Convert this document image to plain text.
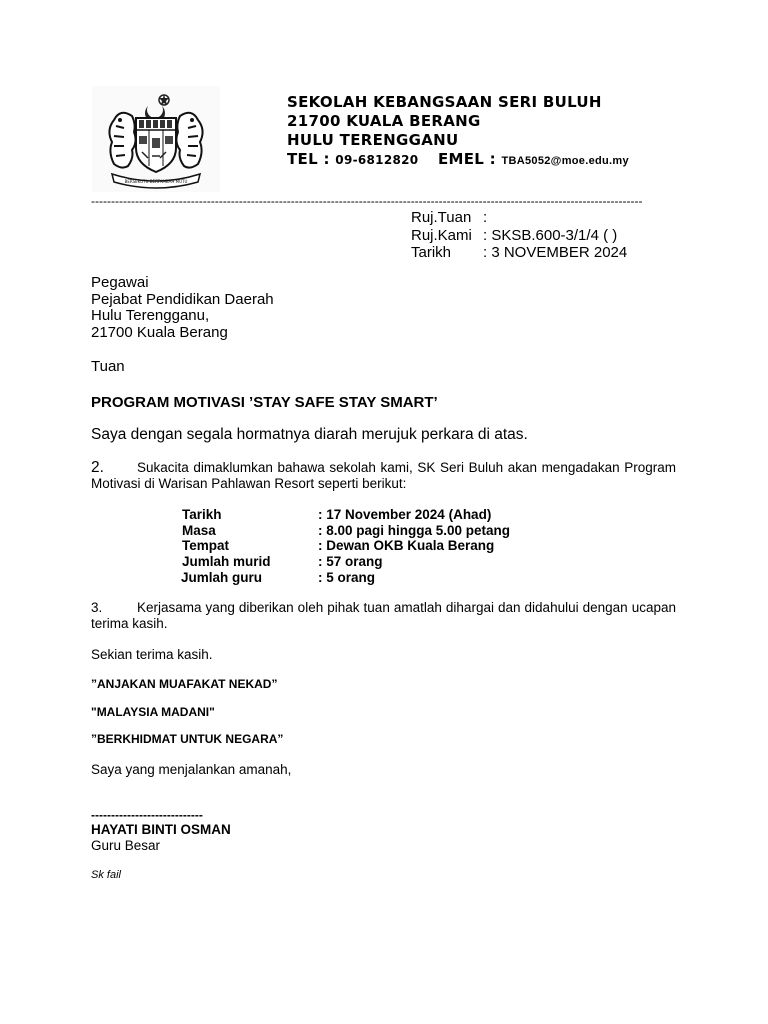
BERSEKUTU BERTAMBAH MUTU
SEKOLAH KEBANGSAAN SERI BULUH
21700 KUALA BERANG
HULU TERENGGANU
TEL : 09-6812820 EMEL : TBA5052@moe.edu.my
------------------------------------------------------------------------------------------------------------------------------------------
Ruj.Tuan :
Ruj.Kami : SKSB.600-3/1/4 ( )
Tarikh : 3 NOVEMBER 2024
Pegawai
Pejabat Pendidikan Daerah
Hulu Terengganu,
21700 Kuala Berang
Tuan
PROGRAM MOTIVASI ’STAY SAFE STAY SMART’
Saya dengan segala hormatnya diarah merujuk perkara di atas.
2. Sukacita dimaklumkan bahawa sekolah kami, SK Seri Buluh akan mengadakan Program Motivasi di Warisan Pahlawan Resort seperti berikut:
Tarikh	: 17 November 2024 (Ahad)
Masa	: 8.00 pagi hingga 5.00 petang
Tempat	: Dewan OKB Kuala Berang
Jumlah murid	: 57 orang
Jumlah guru	: 5 orang
3.	Kerjasama yang diberikan oleh pihak tuan amatlah dihargai dan didahului dengan ucapan terima kasih.
Sekian terima kasih.
”ANJAKAN MUAFAKAT NEKAD”
"MALAYSIA MADANI"
”BERKHIDMAT UNTUK NEGARA”
Saya yang menjalankan amanah,
----------------------------
HAYATI BINTI OSMAN
Guru Besar
Sk fail
